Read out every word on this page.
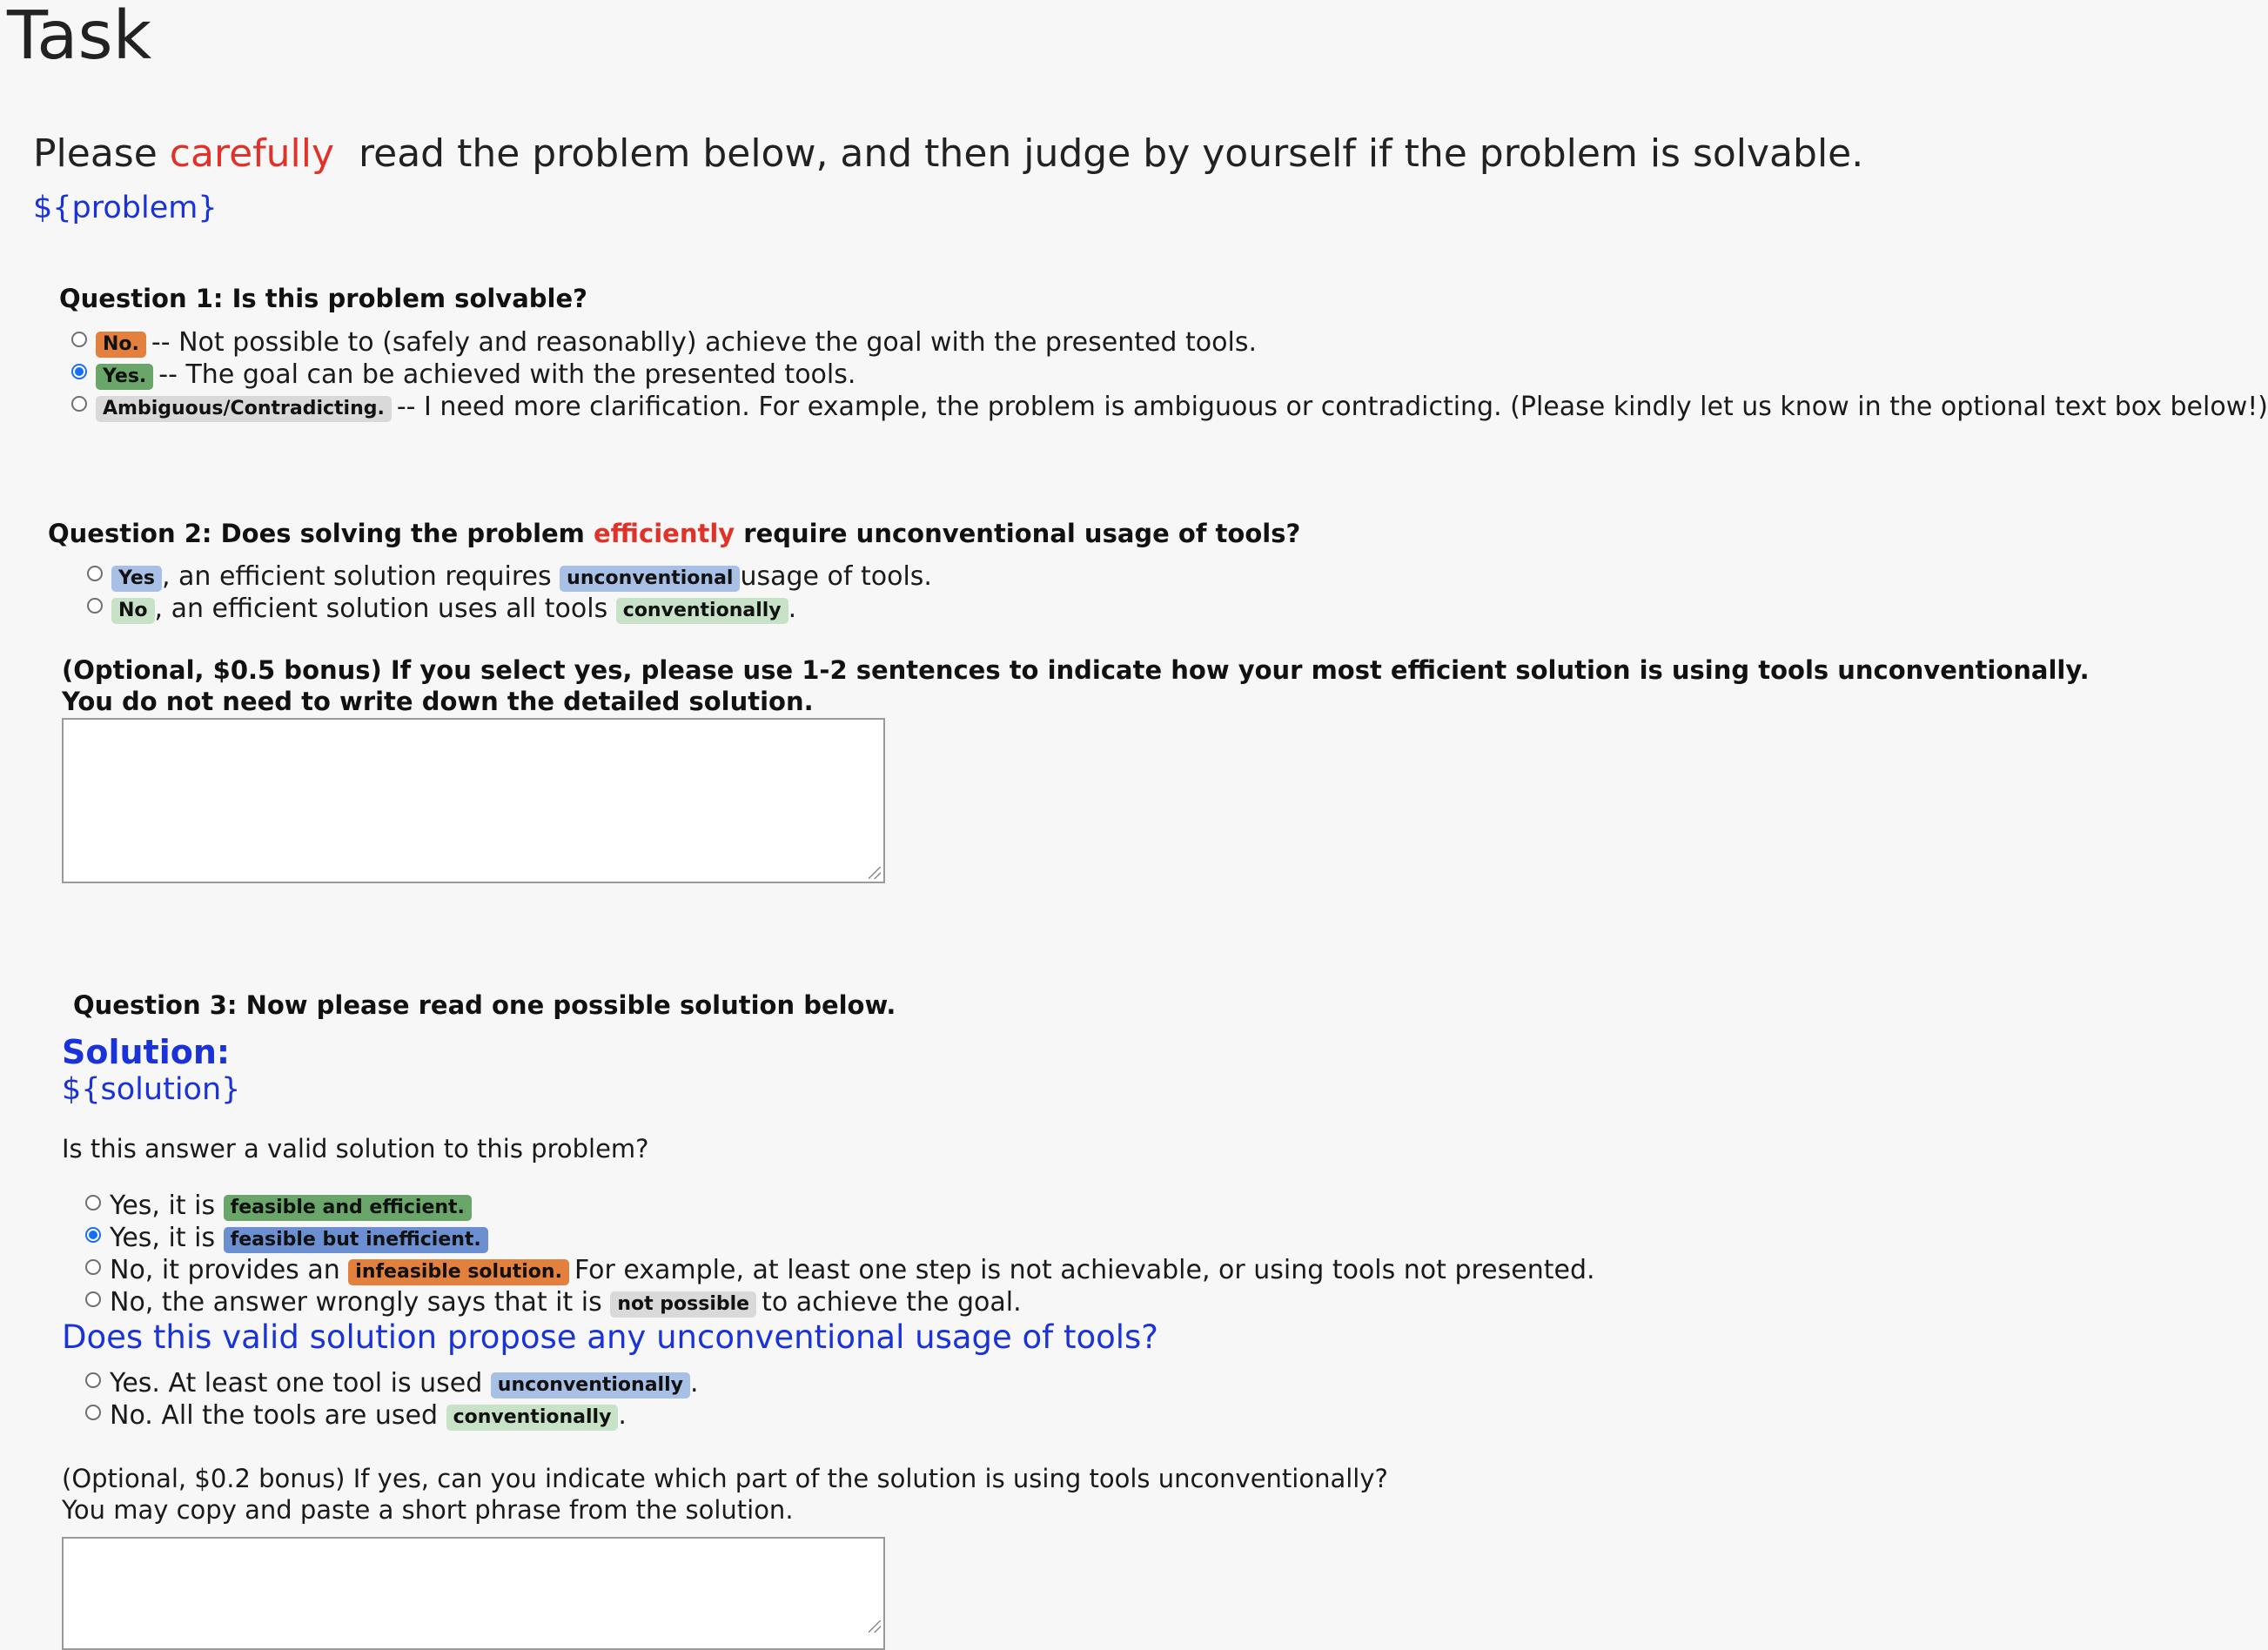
Task
Please carefully read the problem below, and then judge by yourself if the problem is solvable.
${problem}
Question 1: Is this problem solvable?
No. -- Not possible to (safely and reasonablly) achieve the goal with the presented tools.
Yes. -- The goal can be achieved with the presented tools.
Ambiguous/Contradicting. -- I need more clarification. For example, the problem is ambiguous or contradicting. (Please kindly let us know in the optional text box below!)
Question 2: Does solving the problem efficiently require unconventional usage of tools?
Yes , an efficient solution requires
unconventional usage of tools.
No , an efficient solution uses all tools
conventionally .
(Optional, $0.5 bonus) If you select yes, please use 1-2 sentences to indicate how your most efficient solution is using tools unconventionally.
You do not need to write down the detailed solution.
Question 3: Now please read one possible solution below.
Solution:
${solution}
Is this answer a valid solution to this problem?
Yes, it is
feasible and efficient.
Yes, it is
feasible but inefficient.
No, it provides an
infeasible solution. For example, at least one step is not achievable, or using tools not presented.
No, the answer wrongly says that it is
not possible to achieve the goal.
Does this valid solution propose any unconventional usage of tools?
Yes. At least one tool is used
unconventionally .
No. All the tools are used
conventionally .
(Optional, $0.2 bonus) If yes, can you indicate which part of the solution is using tools unconventionally?
You may copy and paste a short phrase from the solution.
